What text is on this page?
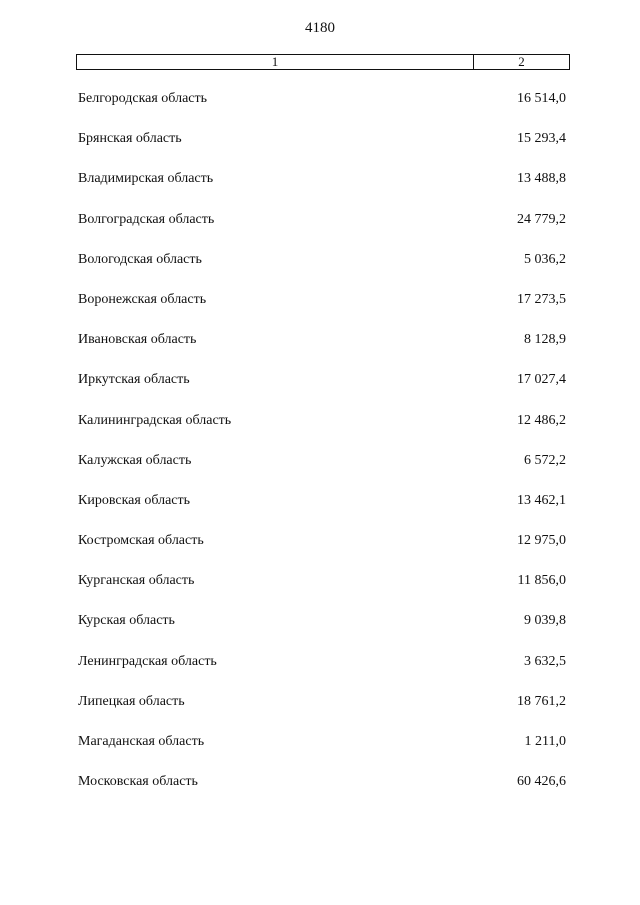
4180
1	2
Белгородская область	16 514,0
Брянская область	15 293,4
Владимирская область	13 488,8
Волгоградская область	24 779,2
Вологодская область	5 036,2
Воронежская область	17 273,5
Ивановская область	8 128,9
Иркутская область	17 027,4
Калининградская область	12 486,2
Калужская область	6 572,2
Кировская область	13 462,1
Костромская область	12 975,0
Курганская область	11 856,0
Курская область	9 039,8
Ленинградская область	3 632,5
Липецкая область	18 761,2
Магаданская область	1 211,0
Московская область	60 426,6
